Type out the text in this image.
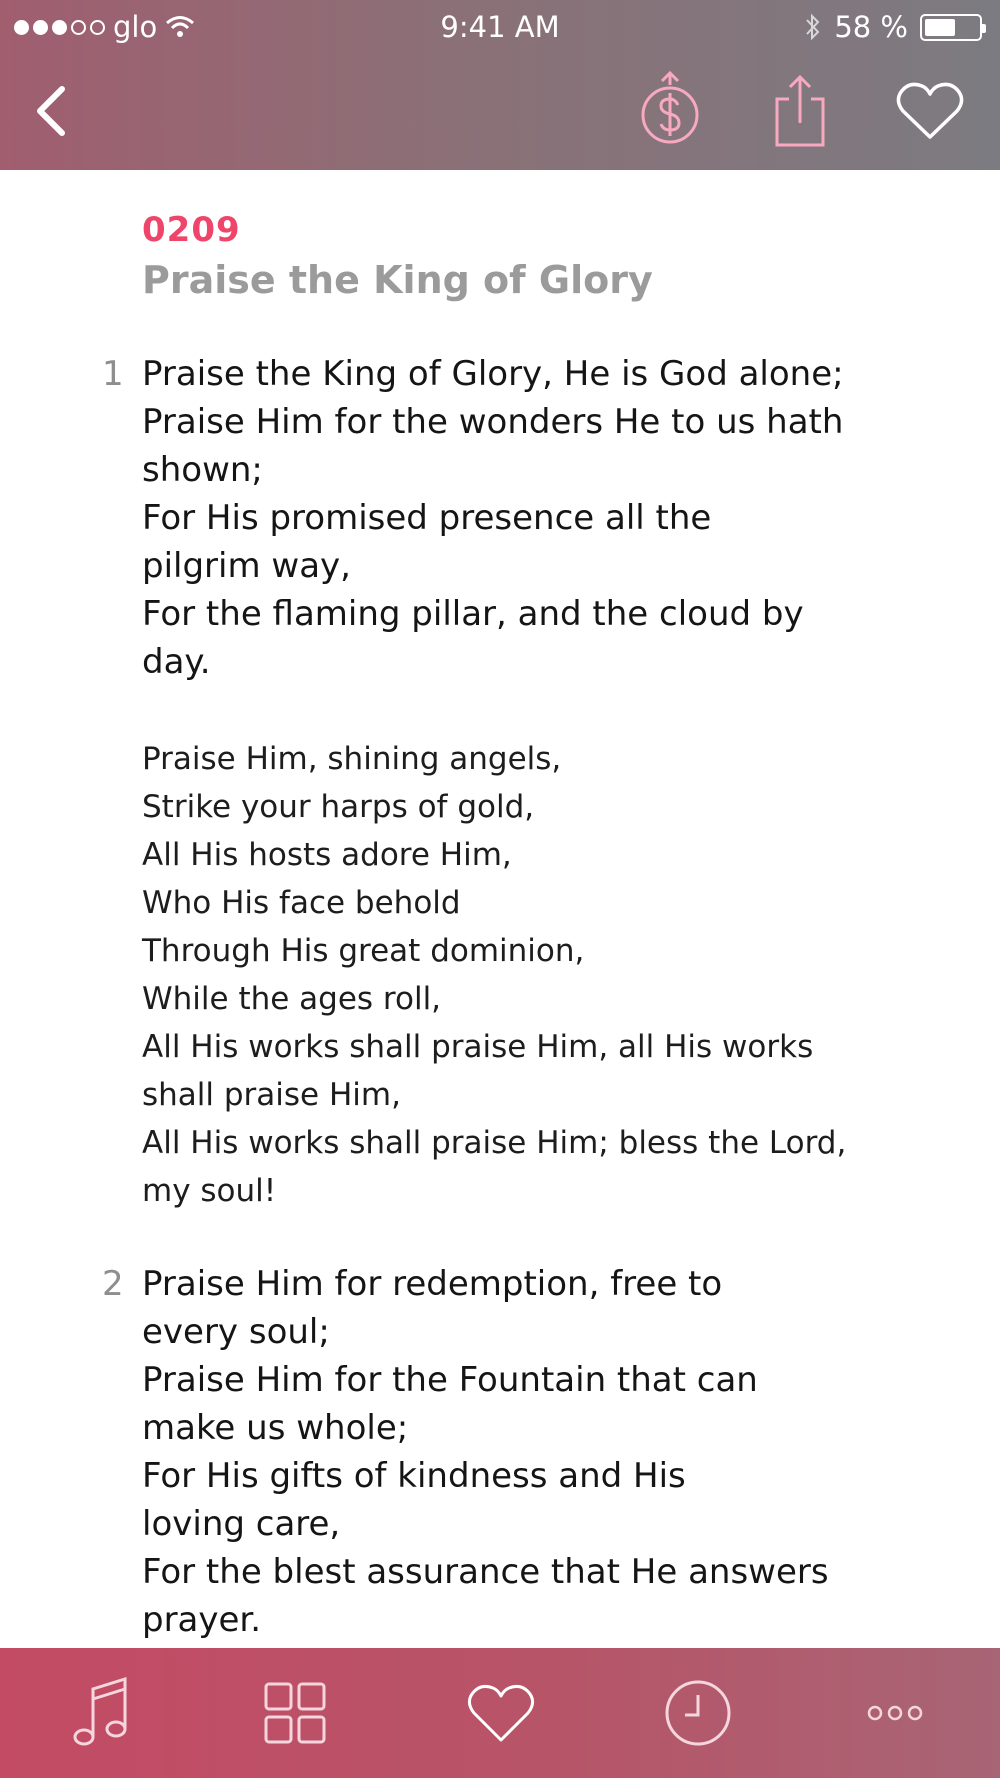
glo	9:41 AM	58 %
0209
Praise the King of Glory
1 Praise the King of Glory, He is God alone;
Praise Him for the wonders He to us hath
shown;
For His promised presence all the
pilgrim way,
For the flaming pillar, and the cloud by
day.
Praise Him, shining angels,
Strike your harps of gold,
All His hosts adore Him,
Who His face behold
Through His great dominion,
While the ages roll,
All His works shall praise Him, all His works
shall praise Him,
All His works shall praise Him; bless the Lord,
my soul!
2 Praise Him for redemption, free to
every soul;
Praise Him for the Fountain that can
make us whole;
For His gifts of kindness and His
loving care,
For the blest assurance that He answers
prayer.
